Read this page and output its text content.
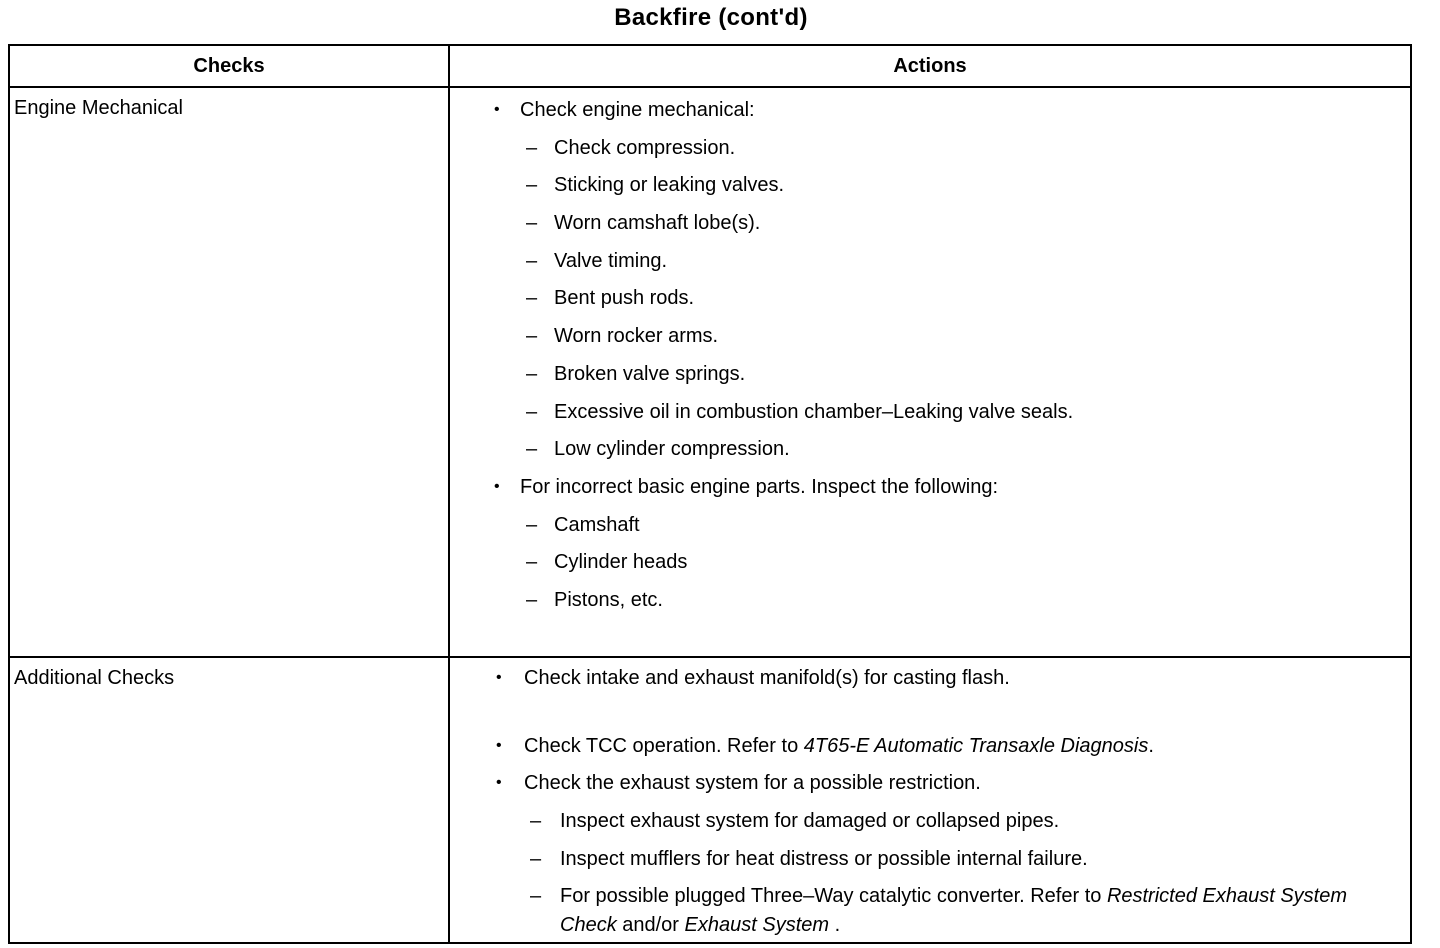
Backfire (cont'd)
Checks	Actions
Engine Mechanical	• Check engine mechanical:
– Check compression.
– Sticking or leaking valves.
– Worn camshaft lobe(s).
– Valve timing.
– Bent push rods.
– Worn rocker arms.
– Broken valve springs.
– Excessive oil in combustion chamber–Leaking valve seals.
– Low cylinder compression.
• For incorrect basic engine parts. Inspect the following:
– Camshaft
– Cylinder heads
– Pistons, etc.
Additional Checks	• Check intake and exhaust manifold(s) for casting flash.
• Check TCC operation. Refer to 4T65-E Automatic Transaxle Diagnosis.
• Check the exhaust system for a possible restriction.
– Inspect exhaust system for damaged or collapsed pipes.
– Inspect mufflers for heat distress or possible internal failure.
– For possible plugged Three–Way catalytic converter. Refer to Restricted Exhaust System Check and/or Exhaust System .
